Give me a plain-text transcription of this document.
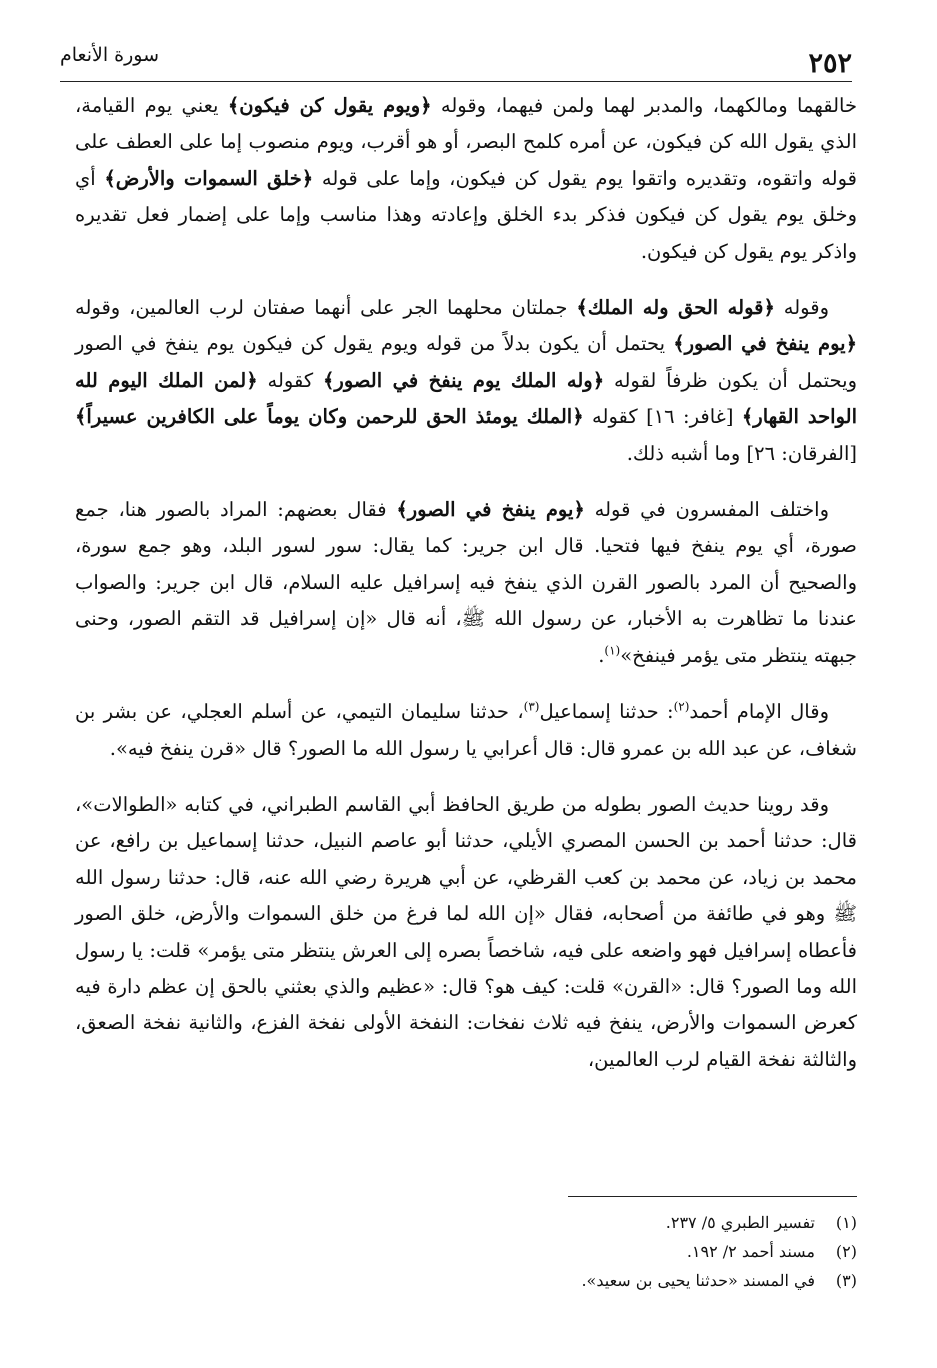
٢٥٢
سورة الأنعام

خالقهما ومالكهما، والمدبر لهما ولمن فيهما، وقوله ﴿ويوم يقول كن فيكون﴾ يعني يوم القيامة، الذي يقول الله كن فيكون، عن أمره كلمح البصر، أو هو أقرب، ويوم منصوب إما على العطف على قوله واتقوه، وتقديره واتقوا يوم يقول كن فيكون، وإما على قوله ﴿خلق السموات والأرض﴾ أي وخلق يوم يقول كن فيكون فذكر بدء الخلق وإعادته وهذا مناسب وإما على إضمار فعل تقديره واذكر يوم يقول كن فيكون.

وقوله ﴿قوله الحق وله الملك﴾ جملتان محلهما الجر على أنهما صفتان لرب العالمين، وقوله ﴿يوم ينفخ في الصور﴾ يحتمل أن يكون بدلاً من قوله ويوم يقول كن فيكون يوم ينفخ في الصور ويحتمل أن يكون ظرفاً لقوله ﴿وله الملك يوم ينفخ في الصور﴾ كقوله ﴿لمن الملك اليوم لله الواحد القهار﴾ [غافر: ١٦] كقوله ﴿الملك يومئذ الحق للرحمن وكان يوماً على الكافرين عسيراً﴾ [الفرقان: ٢٦] وما أشبه ذلك.

واختلف المفسرون في قوله ﴿يوم ينفخ في الصور﴾ فقال بعضهم: المراد بالصور هنا، جمع صورة، أي يوم ينفخ فيها فتحيا. قال ابن جرير: كما يقال: سور لسور البلد، وهو جمع سورة، والصحيح أن المرد بالصور القرن الذي ينفخ فيه إسرافيل عليه السلام، قال ابن جرير: والصواب عندنا ما تظاهرت به الأخبار، عن رسول الله ﷺ، أنه قال «إن إسرافيل قد التقم الصور، وحنى جبهته ينتظر متى يؤمر فينفخ»$^{(١)}$.

وقال الإمام أحمد$^{(٢)}$: حدثنا إسماعيل$^{(٣)}$، حدثنا سليمان التيمي، عن أسلم العجلي، عن بشر بن شغاف، عن عبد الله بن عمرو قال: قال أعرابي يا رسول الله ما الصور؟ قال «قرن ينفخ فيه».

وقد روينا حديث الصور بطوله من طريق الحافظ أبي القاسم الطبراني، في كتابه «الطوالات»، قال: حدثنا أحمد بن الحسن المصري الأيلي، حدثنا أبو عاصم النبيل، حدثنا إسماعيل بن رافع، عن محمد بن زياد، عن محمد بن كعب القرظي، عن أبي هريرة رضي الله عنه، قال: حدثنا رسول الله ﷺ وهو في طائفة من أصحابه، فقال «إن الله لما فرغ من خلق السموات والأرض، خلق الصور فأعطاه إسرافيل فهو واضعه على فيه، شاخصاً بصره إلى العرش ينتظر متى يؤمر» قلت: يا رسول الله وما الصور؟ قال: «القرن» قلت: كيف هو؟ قال: «عظيم والذي بعثني بالحق إن عظم دارة فيه كعرض السموات والأرض، ينفخ فيه ثلاث نفخات: النفخة الأولى نفخة الفزع، والثانية نفخة الصعق، والثالثة نفخة القيام لرب العالمين،

(١)
تفسير الطبري ٥/ ٢٣٧.
(٢)
مسند أحمد ٢/ ١٩٢.
(٣)
في المسند «حدثنا يحيى بن سعيد».
